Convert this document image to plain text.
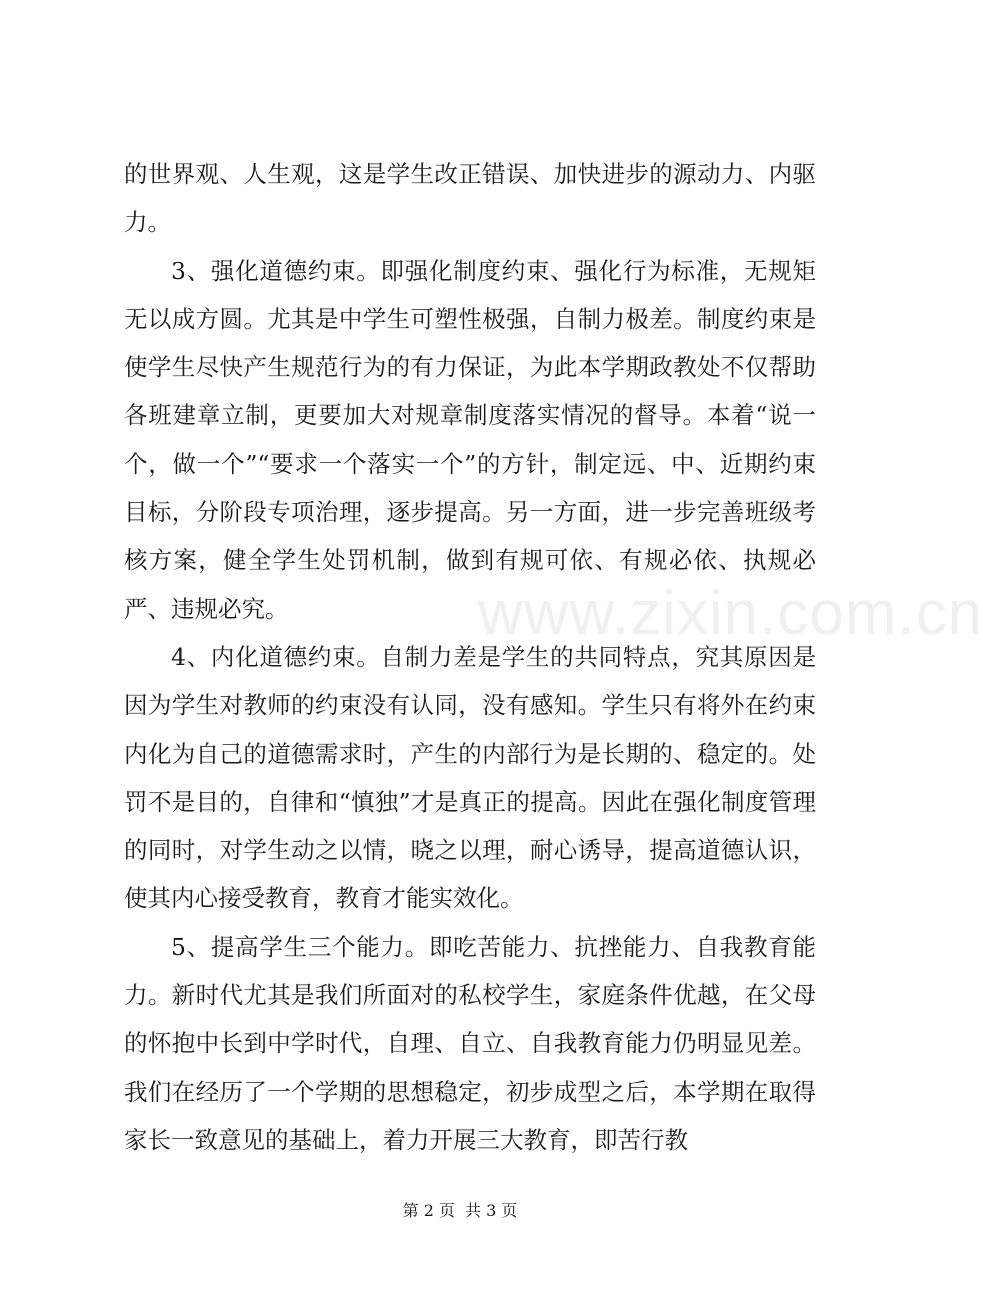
的世界观、人生观，这是学生改正错误、加快进步的源动力、内驱力。

3、强化道德约束。即强化制度约束、强化行为标准，无规矩无以成方圆。尤其是中学生可塑性极强，自制力极差。制度约束是使学生尽快产生规范行为的有力保证，为此本学期政教处不仅帮助各班建章立制，更要加大对规章制度落实情况的督导。本着“说一个，做一个”“要求一个落实一个”的方针，制定远、中、近期约束目标，分阶段专项治理，逐步提高。另一方面，进一步完善班级考核方案，健全学生处罚机制，做到有规可依、有规必依、执规必严、违规必究。

4、内化道德约束。自制力差是学生的共同特点，究其原因是因为学生对教师的约束没有认同，没有感知。学生只有将外在约束内化为自己的道德需求时，产生的内部行为是长期的、稳定的。处罚不是目的，自律和“慎独”才是真正的提高。因此在强化制度管理的同时，对学生动之以情，晓之以理，耐心诱导，提高道德认识，使其内心接受教育，教育才能实效化。

5、提高学生三个能力。即吃苦能力、抗挫能力、自我教育能力。新时代尤其是我们所面对的私校学生，家庭条件优越，在父母的怀抱中长到中学时代，自理、自立、自我教育能力仍明显见差。我们在经历了一个学期的思想稳定，初步成型之后，本学期在取得家长一致意见的基础上，着力开展三大教育，即苦行教

www.zixin.com.cn
第 2 页 共 3 页
